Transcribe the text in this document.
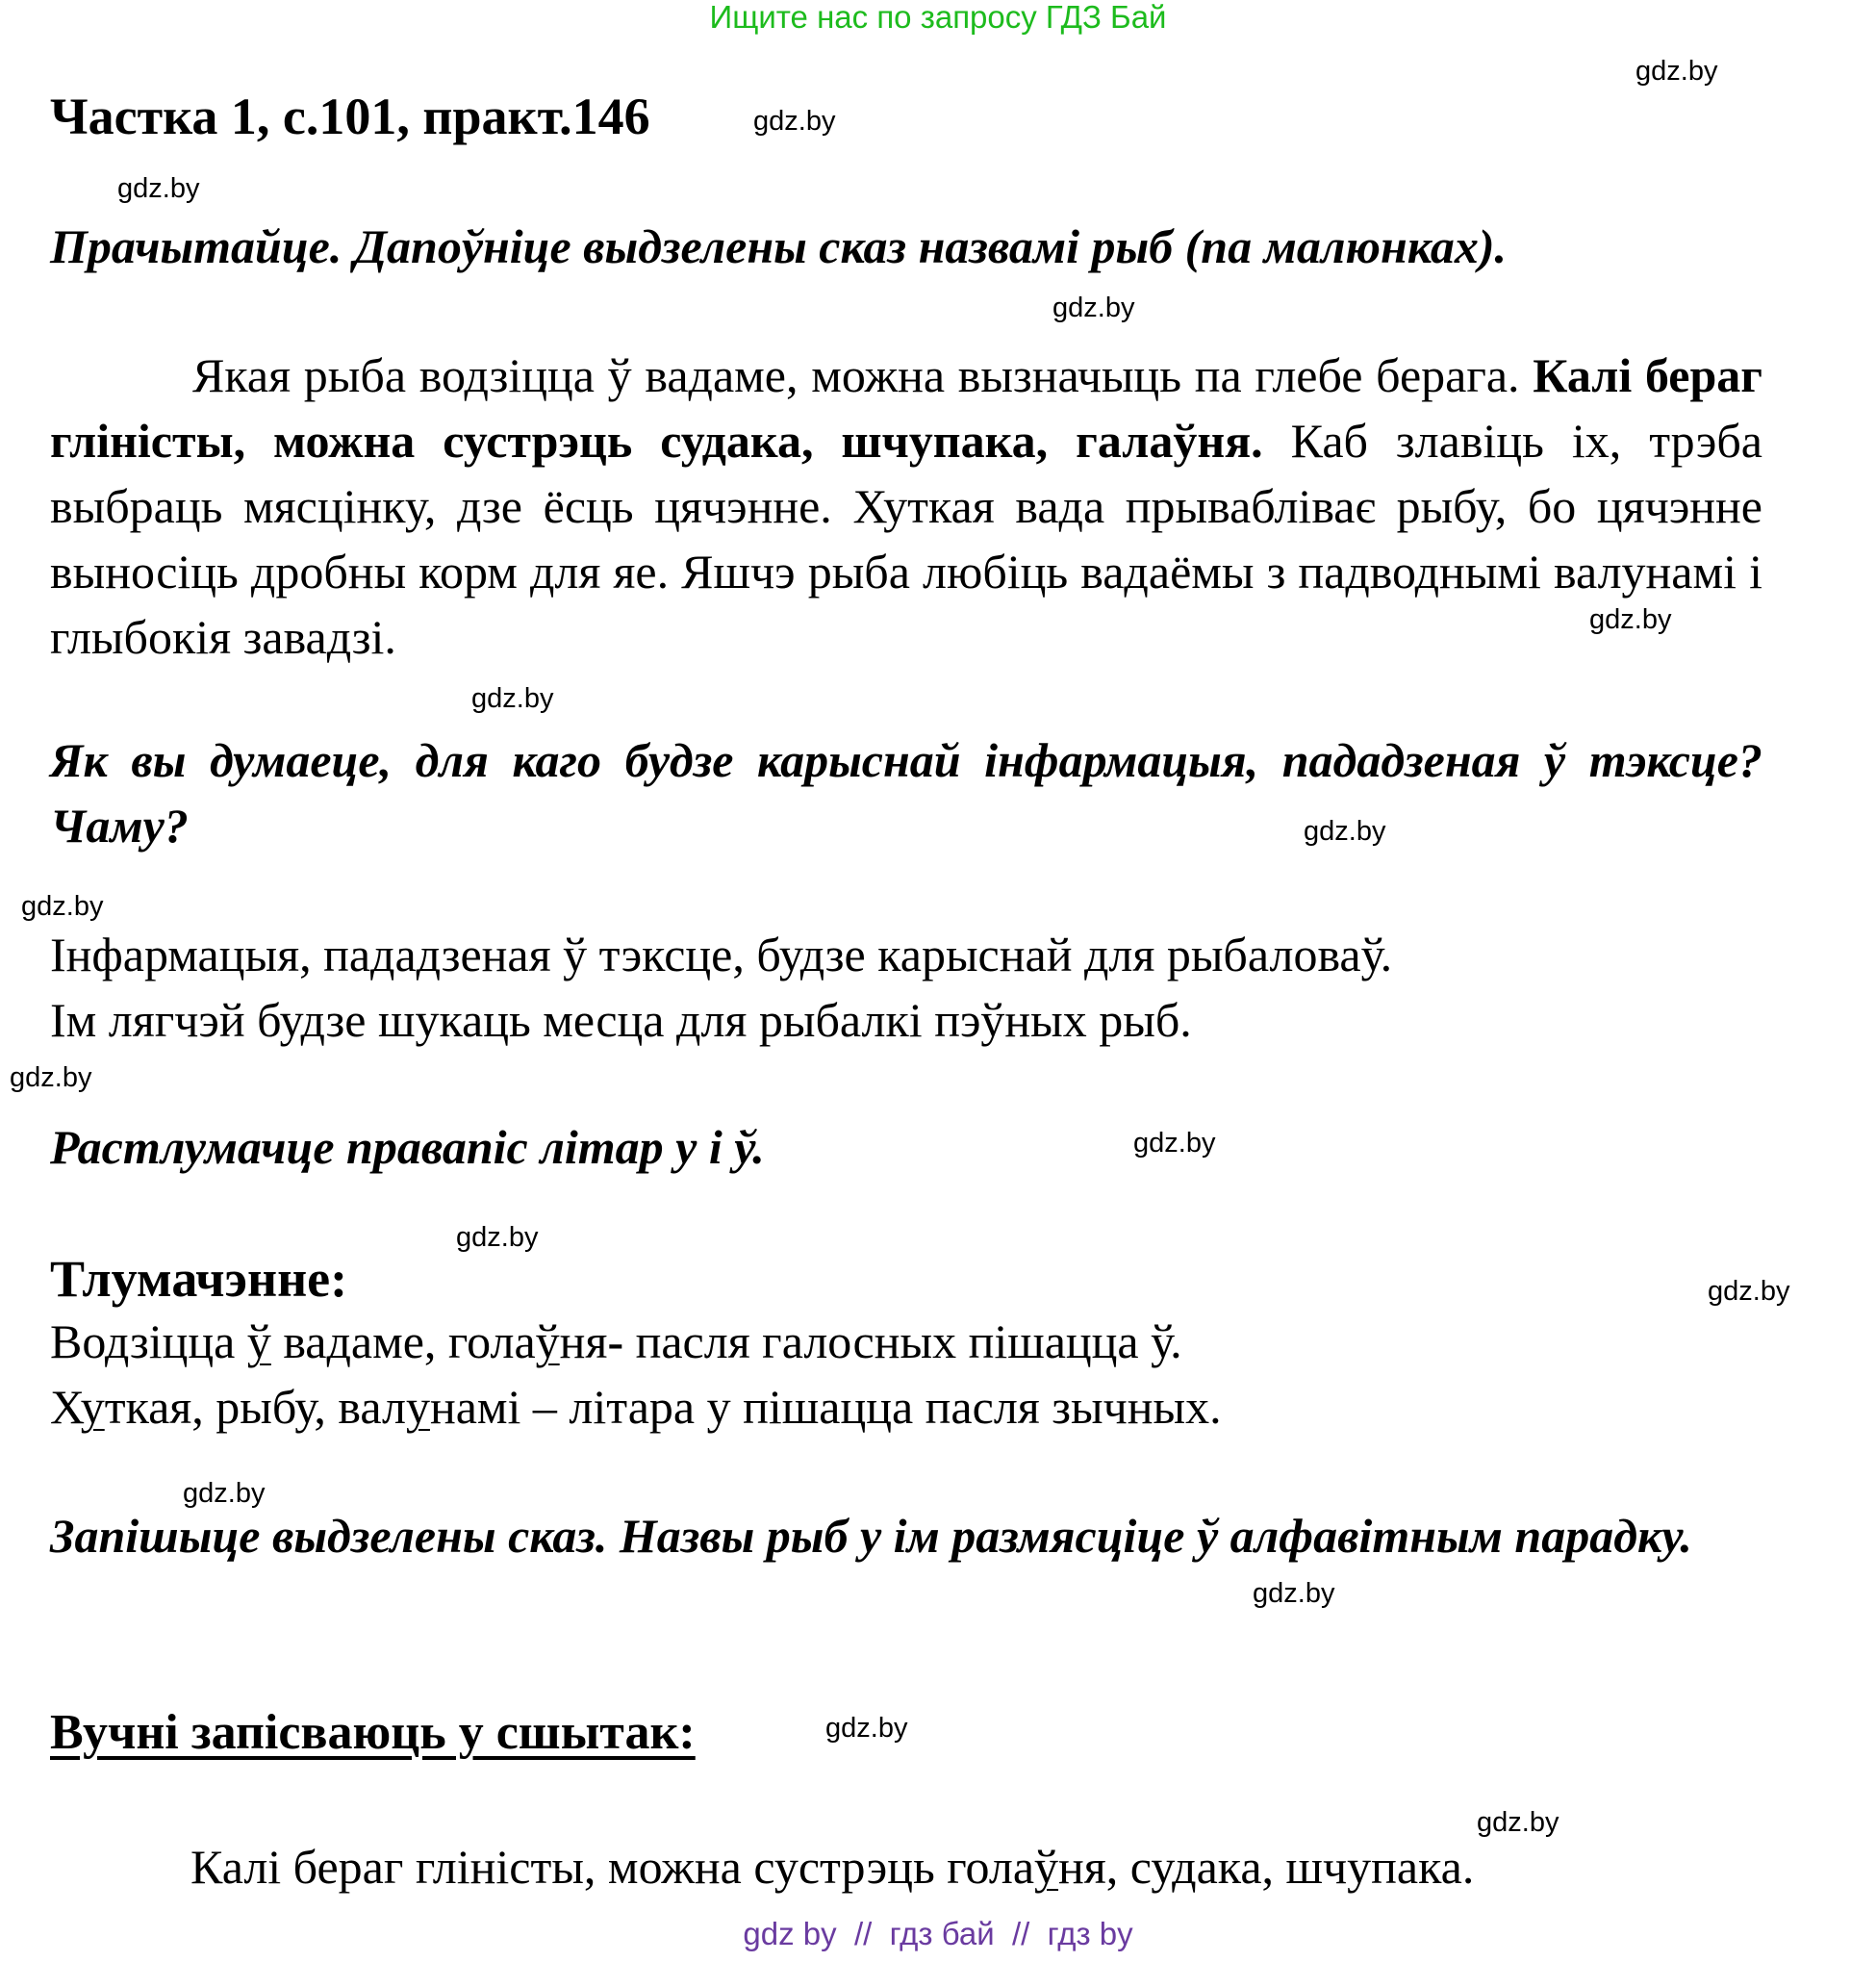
Ищите нас по запросу ГДЗ Бай
Частка 1, с.101, практ.146
Прачытайце. Дапоўніце выдзелены сказ назвамі рыб (па малюнках).

Якая рыба водзіцца ў вадаме, можна вызначыць па глебе берага. Калі бераг глiнiсты, можна сустрэць судака, шчупака, галаўня. Каб злавiць iх, трэба выбраць мясцiнку, дзе ёсць цячэнне. Хуткая вада прывабліває рыбу, бо цячэнне выносiць дробны корм для яе. Яшчэ рыба любiць вадаёмы з падводнымi валунамi і глыбокія завадзі.

Як вы думаеце, для каго будзе карыснай інфармацыя, пададзеная ў тэксце? Чаму?

Інфармацыя, пададзеная ў тэксце, будзе карыснай для рыбаловаў.

Ім лягчэй будзе шукаць месца для рыбалкі пэўных рыб.

Растлумачце правапіс літар у і ў.
Тлумачэнне:

Водзіцца ў вадаме, голаўня- пасля галосных пішацца ў.

Хуткая, рыбу, валунамі – літара у пішацца пасля зычных.

Запішыце выдзелены сказ. Назвы рыб у ім размясціце ў алфавітным парадку.
Вучні запісваюць у сшытак:
Калі бераг глiнiсты, можна сустрэць голаўня, судака, шчупака.
gdz.by
gdz.by
gdz.by
gdz.by
gdz.by
gdz.by
gdz.by
gdz.by
gdz.by
gdz.by
gdz.by
gdz.by
gdz.by
gdz.by
gdz.by
gdz.by
gdz by  //  гдз бай  //  гдз by
